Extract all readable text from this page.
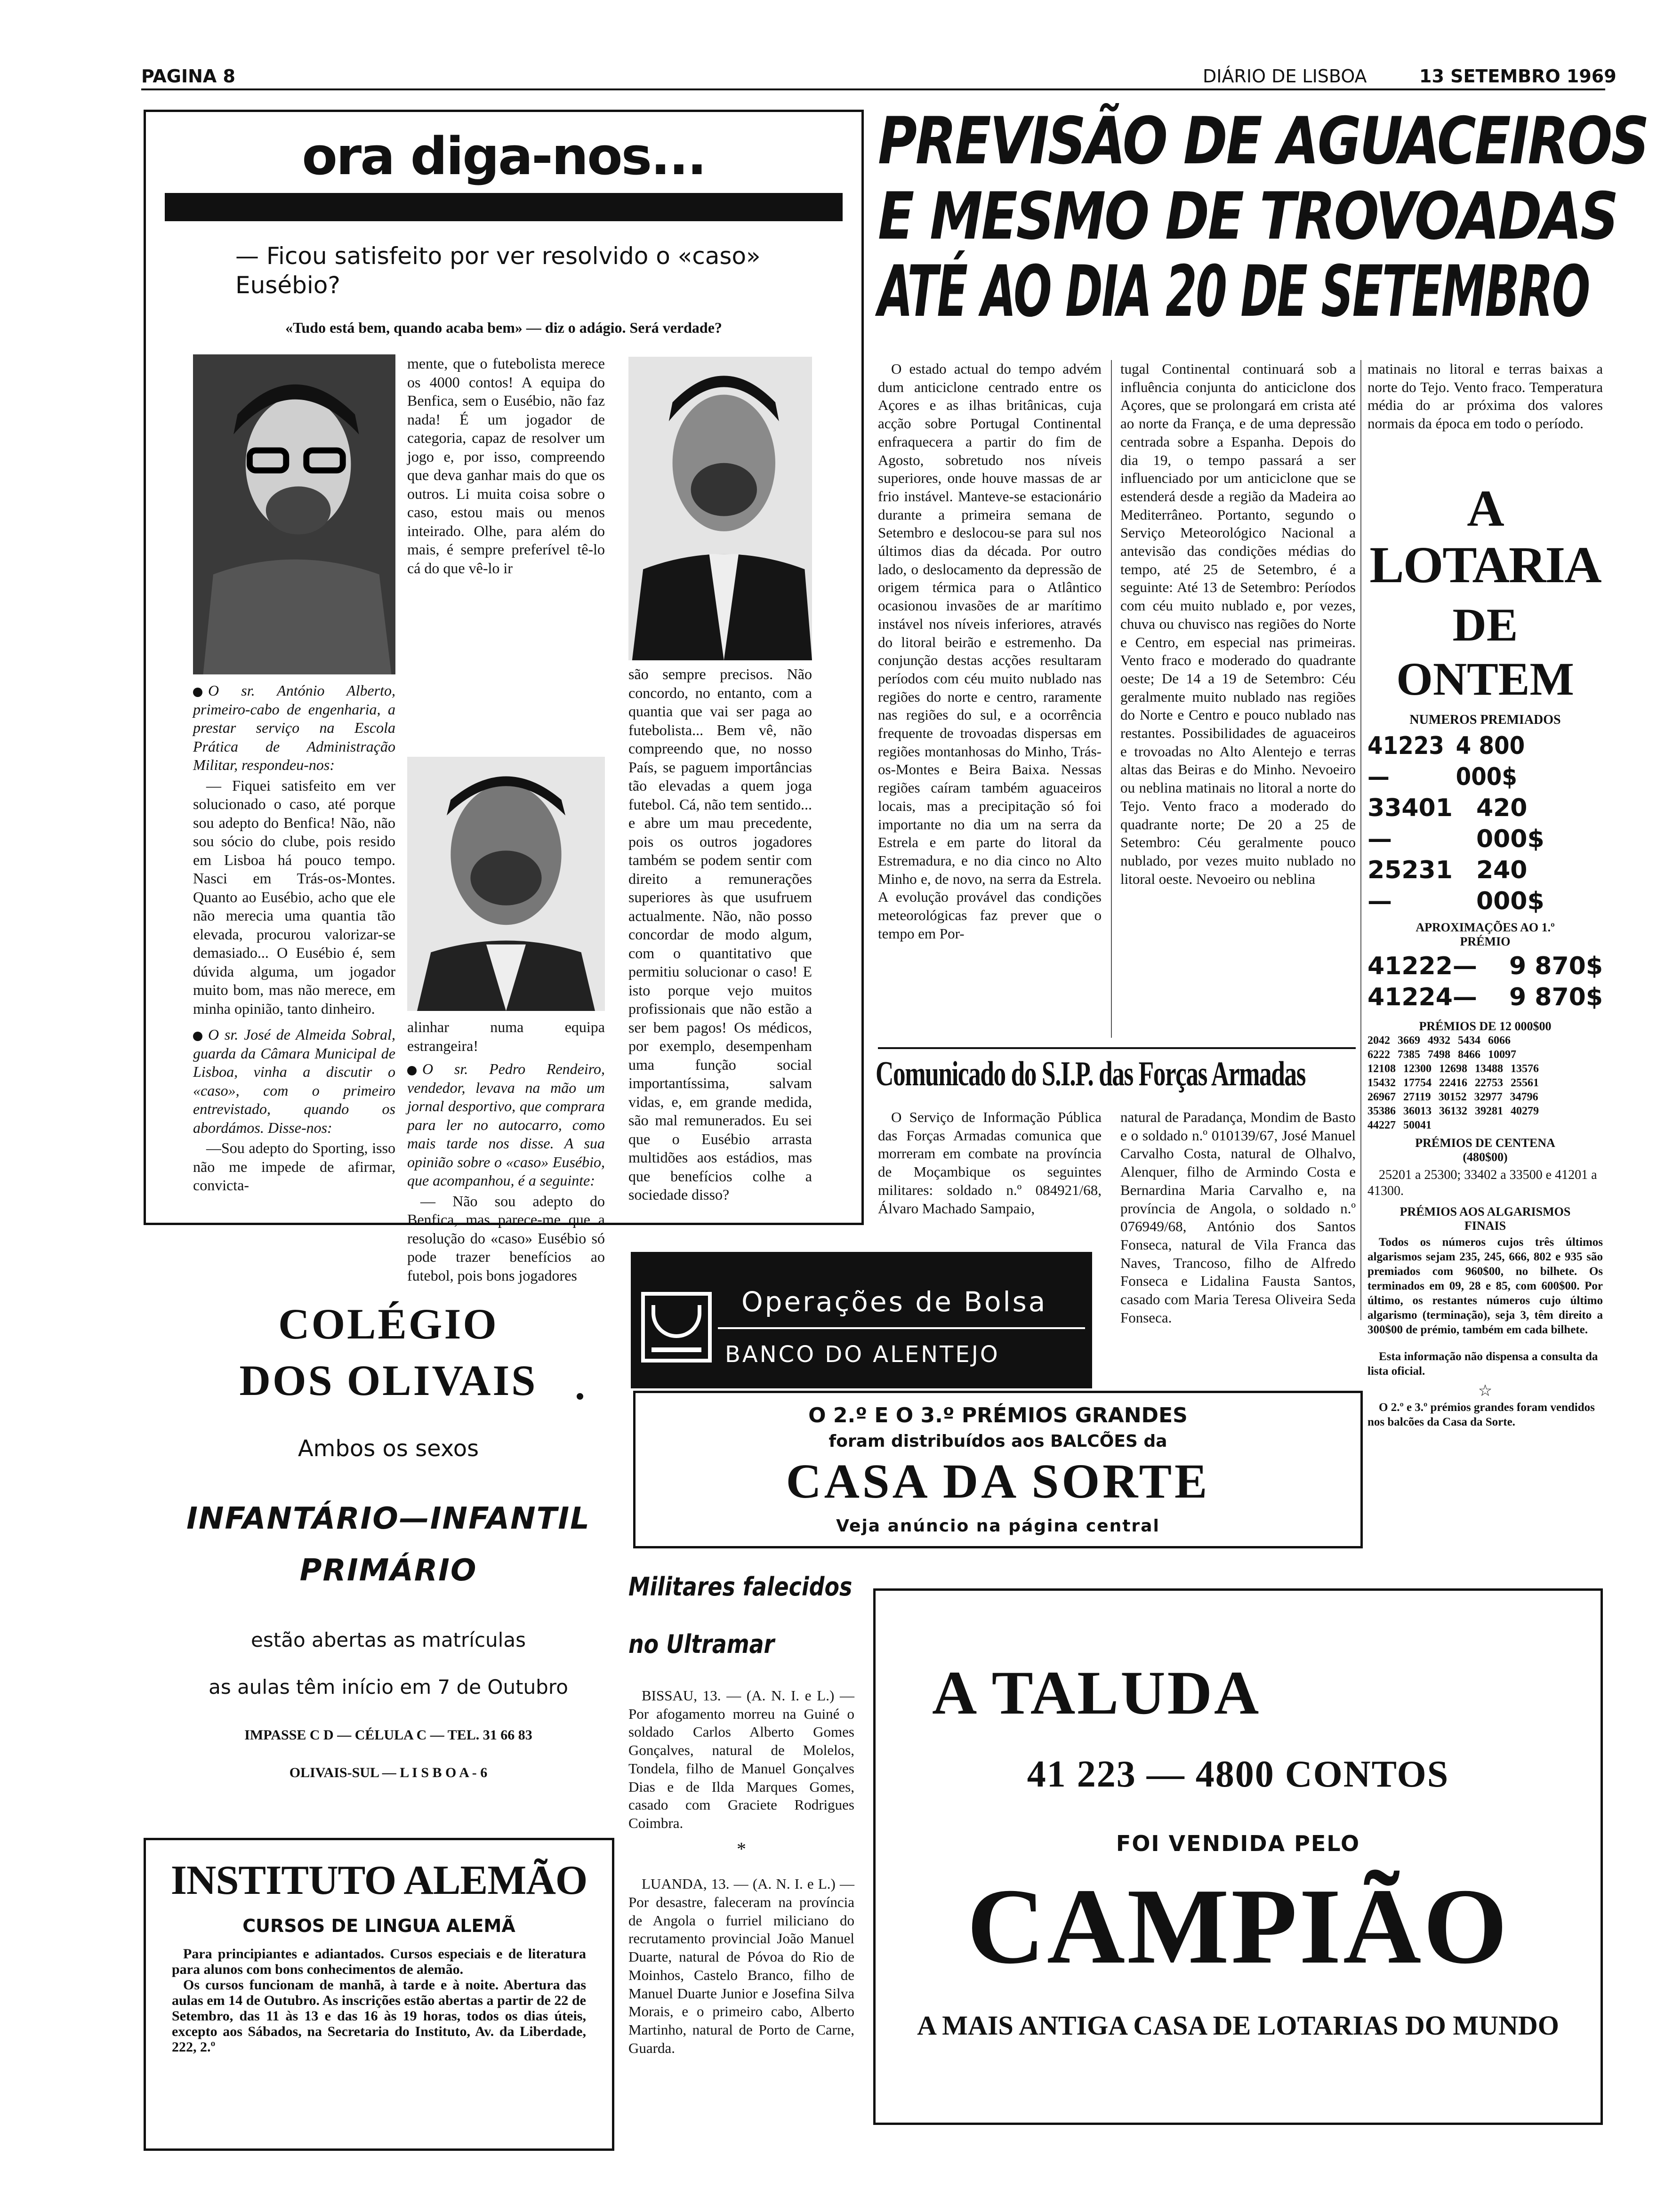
PAGINA 8	DIÁRIO DE LISBOA	13 SETEMBRO 1969
ora diga-nos...
— Ficou satisfeito por ver resolvido o «caso» Eusébio?
«Tudo está bem, quando acaba bem» — diz o adágio. Será verdade?

O sr. António Alberto, primeiro-cabo de engenharia, a prestar serviço na Escola Prática de Administração Militar, respondeu-nos:

— Fiquei satisfeito em ver solucionado o caso, até porque sou adepto do Benfica! Não, não sou sócio do clube, pois resido em Lisboa há pouco tempo. Nasci em Trás-os-Montes. Quanto ao Eusébio, acho que ele não merecia uma quantia tão elevada, procurou valorizar-se demasiado... O Eusébio é, sem dúvida alguma, um jogador muito bom, mas não merece, em minha opinião, tanto dinheiro.

O sr. José de Almeida Sobral, guarda da Câmara Municipal de Lisboa, vinha a discutir o «caso», com o primeiro entrevistado, quando os abordámos. Disse-nos:

—Sou adepto do Sporting, isso não me impede de afirmar, convicta-

mente, que o futebolista merece os 4000 contos! A equipa do Benfica, sem o Eusébio, não faz nada! É um jogador de categoria, capaz de resolver um jogo e, por isso, compreendo que deva ganhar mais do que os outros. Li muita coisa sobre o caso, estou mais ou menos inteirado. Olhe, para além do mais, é sempre preferível tê-lo cá do que vê-lo ir

alinhar numa equipa estrangeira!

O sr. Pedro Rendeiro, vendedor, levava na mão um jornal desportivo, que comprara para ler no autocarro, como mais tarde nos disse. A sua opinião sobre o «caso» Eusébio, que acompanhou, é a seguinte:

— Não sou adepto do Benfica, mas parece-me que a resolução do «caso» Eusébio só pode trazer benefícios ao futebol, pois bons jogadores

são sempre precisos. Não concordo, no entanto, com a quantia que vai ser paga ao futebolista... Bem vê, não compreendo que, no nosso País, se paguem importâncias tão elevadas a quem joga futebol. Cá, não tem sentido... e abre um mau precedente, pois os outros jogadores também se podem sentir com direito a remunerações superiores às que usufruem actualmente. Não, não posso concordar de modo algum, com o quantitativo que permitiu solucionar o caso! E isto porque vejo muitos profissionais que não estão a ser bem pagos! Os médicos, por exemplo, desempenham uma função social importantíssima, salvam vidas, e, em grande medida, são mal remunerados. Eu sei que o Eusébio arrasta multidões aos estádios, mas que benefícios colhe a sociedade disso?

PREVISÃO DE AGUACEIROS
E MESMO DE TROVOADAS
ATÉ AO DIA 20 DE SETEMBRO

O estado actual do tempo advém dum anticiclone centrado entre os Açores e as ilhas britânicas, cuja acção sobre Portugal Continental enfraquecera a partir do fim de Agosto, sobretudo nos níveis superiores, onde houve massas de ar frio instável. Manteve-se estacionário durante a primeira semana de Setembro e deslocou-se para sul nos últimos dias da década. Por outro lado, o deslocamento da depressão de origem térmica para o Atlântico ocasionou invasões de ar marítimo instável nos níveis inferiores, através do litoral beirão e estremenho. Da conjunção destas acções resultaram períodos com céu muito nublado nas regiões do norte e centro, raramente nas regiões do sul, e a ocorrência frequente de trovoadas dispersas em regiões montanhosas do Minho, Trás-os-Montes e Beira Baixa. Nessas regiões caíram também aguaceiros locais, mas a precipitação só foi importante no dia um na serra da Estrela e em parte do litoral da Estremadura, e no dia cinco no Alto Minho e, de novo, na serra da Estrela. A evolução provável das condições meteorológicas faz prever que o tempo em Por-

tugal Continental continuará sob a influência conjunta do anticiclone dos Açores, que se prolongará em crista até ao norte da França, e de uma depressão centrada sobre a Espanha. Depois do dia 19, o tempo passará a ser influenciado por um anticiclone que se estenderá desde a região da Madeira ao Mediterrâneo. Portanto, segundo o Serviço Meteorológico Nacional a antevisão das condições médias do tempo, até 25 de Setembro, é a seguinte: Até 13 de Setembro: Períodos com céu muito nublado e, por vezes, chuva ou chuvisco nas regiões do Norte e Centro, em especial nas primeiras. Vento fraco e moderado do quadrante oeste; De 14 a 19 de Setembro: Céu geralmente muito nublado nas regiões do Norte e Centro e pouco nublado nas restantes. Possibilidades de aguaceiros e trovoadas no Alto Alentejo e terras altas das Beiras e do Minho. Nevoeiro ou neblina matinais no litoral a norte do Tejo. Vento fraco a moderado do quadrante norte; De 20 a 25 de Setembro: Céu geralmente pouco nublado, por vezes muito nublado no litoral oeste. Nevoeiro ou neblina

matinais no litoral e terras baixas a norte do Tejo. Vento fraco. Temperatura média do ar próxima dos valores normais da época em todo o período.

Comunicado do S.I.P. das Forças Armadas

O Serviço de Informação Pública das Forças Armadas comunica que morreram em combate na província de Moçambique os seguintes militares: soldado n.º 084921/68, Álvaro Machado Sampaio,

natural de Paradança, Mondim de Basto e o soldado n.º 010139/67, José Manuel Carvalho Costa, natural de Olhalvo, Alenquer, filho de Armindo Costa e Bernardina Maria Carvalho e, na província de Angola, o soldado n.º 076949/68, António dos Santos Fonseca, natural de Vila Franca das Naves, Trancoso, filho de Alfredo Fonseca e Lidalina Fausta Santos, casado com Maria Teresa Oliveira Seda Fonseca.

A LOTARIA
DE ONTEM
NUMEROS PREMIADOS
41223—
4 800 000$
33401—
420 000$
25231—
240 000$
APROXIMAÇÕES AO 1.º PRÉMIO
41222— 9 870$
41224— 9 870$
PRÉMIOS DE 12 000$00
2042 3669 4932 5434 6066
6222 7385 7498 8466 10097
12108 12300 12698 13488 13576
15432 17754 22416 22753 25561
26967 27119 30152 32977 34796
35386 36013 36132 39281 40279
44227 50041
PRÉMIOS DE CENTENA (480$00)
25201 a 25300; 33402 a 33500 e 41201 a 41300.
PRÉMIOS AOS ALGARISMOS FINAIS
Todos os números cujos três últimos algarismos sejam 235, 245, 666, 802 e 935 são premiados com 960$00, no bilhete. Os terminados em 09, 28 e 85, com 600$00. Por último, os restantes números cujo último algarismo (terminação), seja 3, têm direito a 300$00 de prémio, também em cada bilhete.
Esta informação não dispensa a consulta da lista oficial.
☆
O 2.º e 3.º prémios grandes foram vendidos nos balcões da Casa da Sorte.
COLÉGIO
DOS OLIVAIS
Ambos os sexos
INFANTÁRIO—INFANTIL
PRIMÁRIO
estão abertas as matrículas
as aulas têm início em 7 de Outubro
IMPASSE C D — CÉLULA C — TEL. 31 66 83
OLIVAIS-SUL — L I S B O A - 6
Operações de Bolsa
BANCO DO ALENTEJO
O 2.º E O 3.º PRÉMIOS GRANDES
foram distribuídos aos BALCÕES da
CASA DA SORTE
Veja anúncio na página central
INSTITUTO ALEMÃO
CURSOS DE LINGUA ALEMÃ

Para principiantes e adiantados. Cursos especiais e de literatura para alunos com bons conhecimentos de alemão.

Os cursos funcionam de manhã, à tarde e à noite. Abertura das aulas em 14 de Outubro. As inscrições estão abertas a partir de 22 de Setembro, das 11 às 13 e das 16 às 19 horas, todos os dias úteis, excepto aos Sábados, na Secretaria do Instituto, Av. da Liberdade, 222, 2.º

Militares falecidos
no Ultramar

BISSAU, 13. — (A. N. I. e L.) — Por afogamento morreu na Guiné o soldado Carlos Alberto Gomes Gonçalves, natural de Molelos, Tondela, filho de Manuel Gonçalves Dias e de Ilda Marques Gomes, casado com Graciete Rodrigues Coimbra.

*

LUANDA, 13. — (A. N. I. e L.) — Por desastre, faleceram na província de Angola o furriel miliciano do recrutamento provincial João Manuel Duarte, natural de Póvoa do Rio de Moinhos, Castelo Branco, filho de Manuel Duarte Junior e Josefina Silva Morais, e o primeiro cabo, Alberto Martinho, natural de Porto de Carne, Guarda.

A TALUDA
41 223 — 4800 CONTOS
FOI VENDIDA PELO
CAMPIÃO
A MAIS ANTIGA CASA DE LOTARIAS DO MUNDO
